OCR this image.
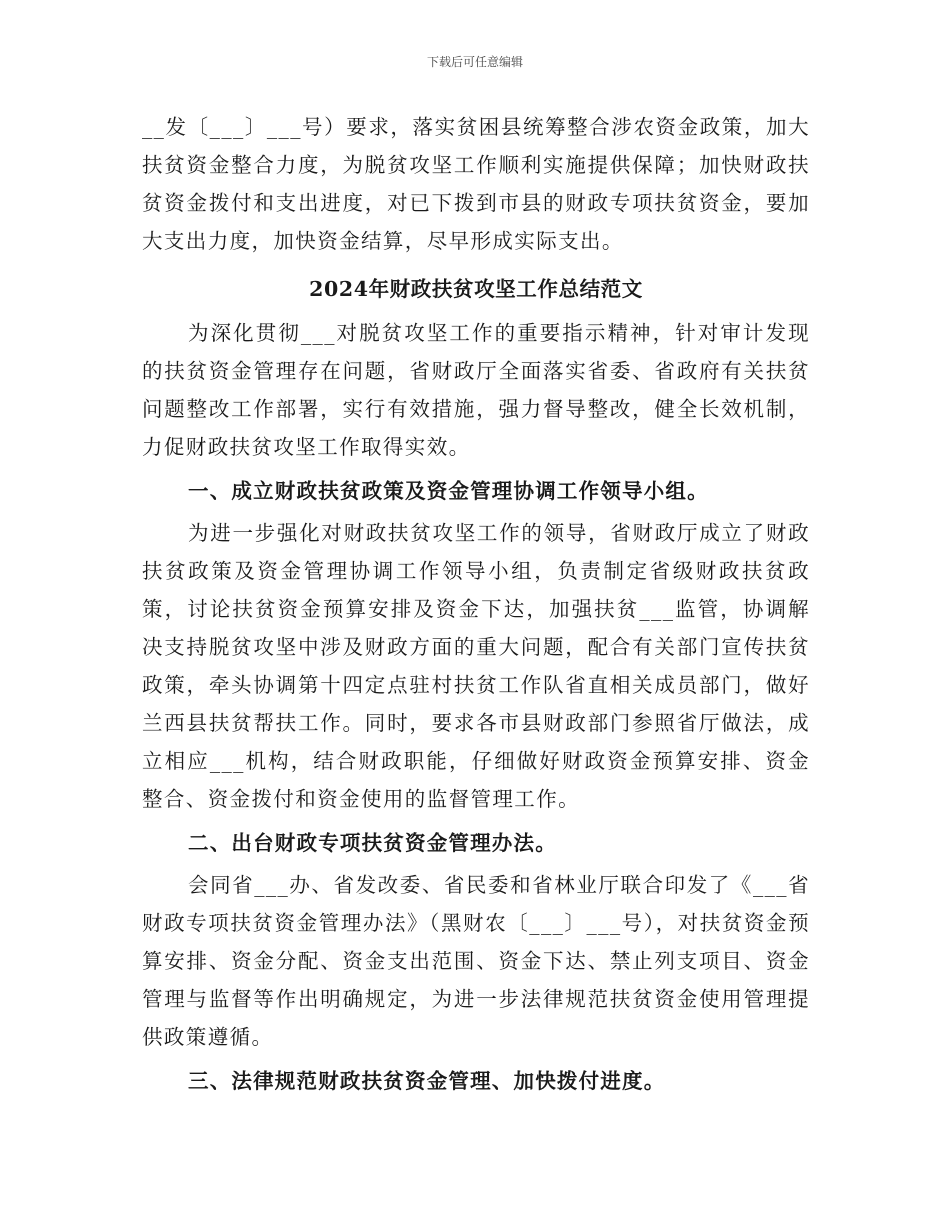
下载后可任意编辑

__发〔___〕___号）要求，落实贫困县统筹整合涉农资金政策，加大扶贫资金整合力度，为脱贫攻坚工作顺利实施提供保障；加快财政扶贫资金拨付和支出进度，对已下拨到市县的财政专项扶贫资金，要加大支出力度，加快资金结算，尽早形成实际支出。

2024年财政扶贫攻坚工作总结范文

为深化贯彻___对脱贫攻坚工作的重要指示精神，针对审计发现的扶贫资金管理存在问题，省财政厅全面落实省委、省政府有关扶贫问题整改工作部署，实行有效措施，强力督导整改，健全长效机制，力促财政扶贫攻坚工作取得实效。

一、成立财政扶贫政策及资金管理协调工作领导小组。

为进一步强化对财政扶贫攻坚工作的领导，省财政厅成立了财政扶贫政策及资金管理协调工作领导小组，负责制定省级财政扶贫政策，讨论扶贫资金预算安排及资金下达，加强扶贫___监管，协调解决支持脱贫攻坚中涉及财政方面的重大问题，配合有关部门宣传扶贫政策，牵头协调第十四定点驻村扶贫工作队省直相关成员部门，做好兰西县扶贫帮扶工作。同时，要求各市县财政部门参照省厅做法，成立相应___机构，结合财政职能，仔细做好财政资金预算安排、资金整合、资金拨付和资金使用的监督管理工作。

二、出台财政专项扶贫资金管理办法。

会同省___办、省发改委、省民委和省林业厅联合印发了《___省财政专项扶贫资金管理办法》（黑财农〔___〕___号），对扶贫资金预算安排、资金分配、资金支出范围、资金下达、禁止列支项目、资金管理与监督等作出明确规定，为进一步法律规范扶贫资金使用管理提供政策遵循。

三、法律规范财政扶贫资金管理、加快拨付进度。
